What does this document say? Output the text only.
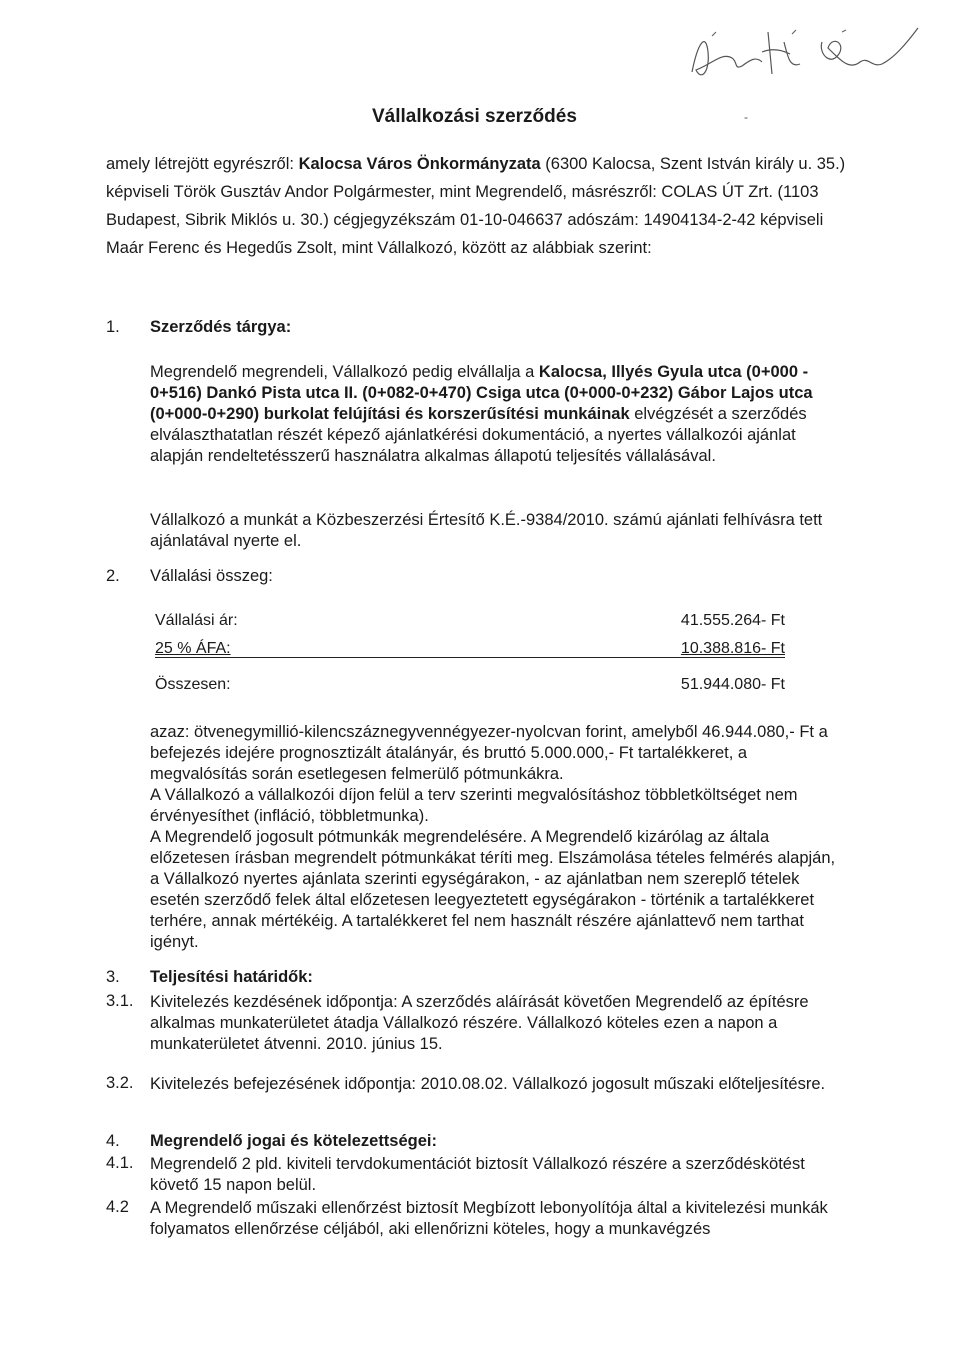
Vállalkozási szerződés	-

amely létrejött egyrészről: Kalocsa Város Önkormányzata (6300 Kalocsa, Szent István király u. 35.) képviseli Török Gusztáv Andor Polgármester, mint Megrendelő, másrészről: COLAS ÚT Zrt. (1103 Budapest, Sibrik Miklós u. 30.) cégjegyzékszám 01-10-046637 adószám: 14904134-2-42 képviseli Maár Ferenc és Hegedűs Zsolt, mint Vállalkozó, között az alábbiak szerint:

1. Szerződés tárgya:

Megrendelő megrendeli, Vállalkozó pedig elvállalja a Kalocsa, Illyés Gyula utca (0+000 - 0+516) Dankó Pista utca II. (0+082-0+470) Csiga utca (0+000-0+232) Gábor Lajos utca (0+000-0+290) burkolat felújítási és korszerűsítési munkáinak elvégzését a szerződés elválaszthatatlan részét képező ajánlatkérési dokumentáció, a nyertes vállalkozói ajánlat alapján rendeltetésszerű használatra alkalmas állapotú teljesítés vállalásával.

Vállalkozó a munkát a Közbeszerzési Értesítő K.É.-9384/2010. számú ajánlati felhívásra tett ajánlatával nyerte el.

2. Vállalási összeg:
Vállalási ár:	41.555.264- Ft
25 % ÁFA:	10.388.816- Ft
Összesen:	51.944.080- Ft

azaz: ötvenegymillió-kilencszáznegyvennégyezer-nyolcvan forint, amelyből 46.944.080,- Ft a befejezés idejére prognosztizált átalányár, és bruttó 5.000.000,- Ft tartalékkeret, a megvalósítás során esetlegesen felmerülő pótmunkákra.

A Vállalkozó a vállalkozói díjon felül a terv szerinti megvalósításhoz többletköltséget nem érvényesíthet (infláció, többletmunka).

A Megrendelő jogosult pótmunkák megrendelésére. A Megrendelő kizárólag az általa előzetesen írásban megrendelt pótmunkákat téríti meg. Elszámolása tételes felmérés alapján, a Vállalkozó nyertes ajánlata szerinti egységárakon, - az ajánlatban nem szereplő tételek esetén szerződő felek által előzetesen leegyeztetett egységárakon - történik a tartalékkeret terhére, annak mértékéig. A tartalékkeret fel nem használt részére ajánlattevő nem tarthat igényt.

3. Teljesítési határidők:
3.1. Kivitelezés kezdésének időpontja: A szerződés aláírását követően Megrendelő az építésre alkalmas munkaterületet átadja Vállalkozó részére. Vállalkozó köteles ezen a napon a munkaterületet átvenni. 2010. június 15.

3.2. Kivitelezés befejezésének időpontja: 2010.08.02. Vállalkozó jogosult műszaki előteljesítésre.

4. Megrendelő jogai és kötelezettségei:
4.1. Megrendelő 2 pld. kiviteli tervdokumentációt biztosít Vállalkozó részére a szerződéskötést követő 15 napon belül.

4.2 A Megrendelő műszaki ellenőrzést biztosít Megbízott lebonyolítója által a kivitelezési munkák folyamatos ellenőrzése céljából, aki ellenőrizni köteles, hogy a munkavégzés
